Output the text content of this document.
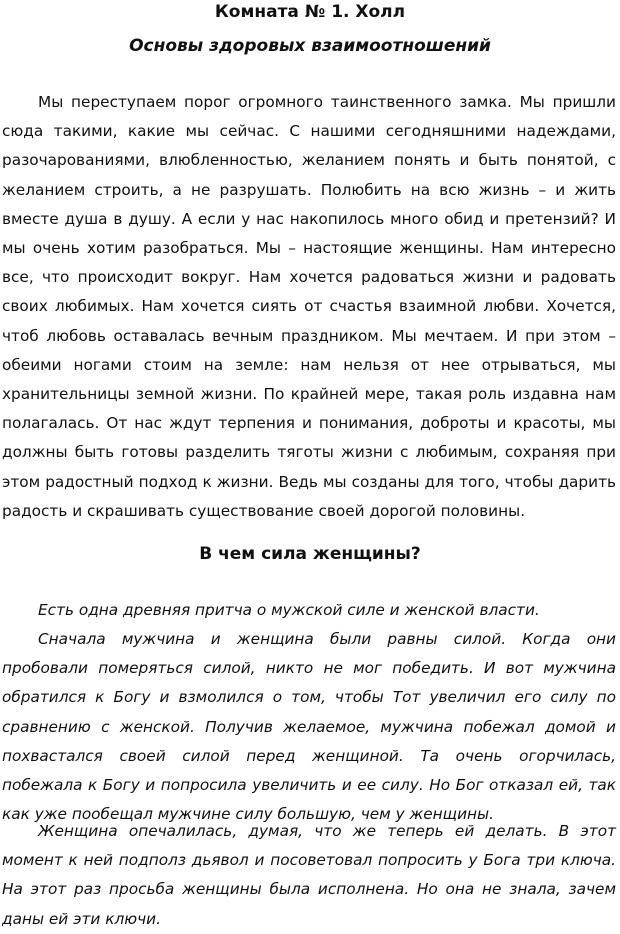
Комната № 1. Холл
Основы здоровых взаимоотношений

Мы переступаем порог огромного таинственного замка. Мы пришли сюда такими, какие мы сейчас. С нашими сегодняшними надеждами, разочарованиями, влюбленностью, желанием понять и быть понятой, с желанием строить, а не разрушать. Полюбить на всю жизнь – и жить вместе душа в душу. А если у нас накопилось много обид и претензий? И мы очень хотим разобраться. Мы – настоящие женщины. Нам интересно все, что происходит вокруг. Нам хочется радоваться жизни и радовать своих любимых. Нам хочется сиять от счастья взаимной любви. Хочется, чтоб любовь оставалась вечным праздником. Мы мечтаем. И при этом – обеими ногами стоим на земле: нам нельзя от нее отрываться, мы хранительницы земной жизни. По крайней мере, такая роль издавна нам полагалась. От нас ждут терпения и понимания, доброты и красоты, мы должны быть готовы разделить тяготы жизни с любимым, сохраняя при этом радостный подход к жизни. Ведь мы созданы для того, чтобы дарить радость и скрашивать существование своей дорогой половины.

В чем сила женщины?

Есть одна древняя притча о мужской силе и женской власти.

Сначала мужчина и женщина были равны силой. Когда они пробовали померяться силой, никто не мог победить. И вот мужчина обратился к Богу и взмолился о том, чтобы Тот увеличил его силу по сравнению с женской. Получив желаемое, мужчина побежал домой и похвастался своей силой перед женщиной. Та очень огорчилась, побежала к Богу и попросила увеличить и ее силу. Но Бог отказал ей, так как уже пообещал мужчине силу большую, чем у женщины.

Женщина опечалилась, думая, что же теперь ей делать. В этот момент к ней подполз дьявол и посоветовал попросить у Бога три ключа. На этот раз просьба женщины была исполнена. Но она не знала, зачем даны ей эти ключи.
